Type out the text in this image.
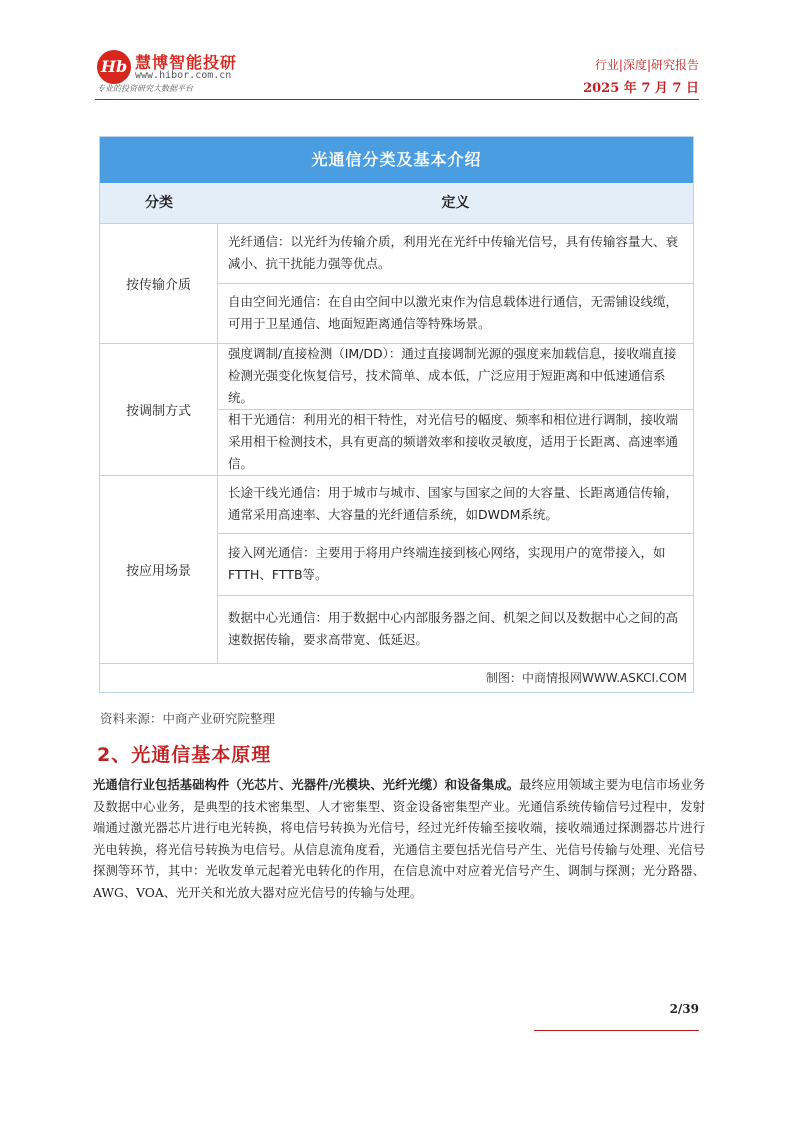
Hb 慧博智能投研
www.hibor.com.cn
专业的投资研究大数据平台
行业|深度|研究报告
2025 年 7 月 7 日
光通信分类及基本介绍
分类	定义
按传输介质
光纤通信：以光纤为传输介质，利用光在光纤中传输光信号，具有传输容量大、衰减小、抗干扰能力强等优点。
自由空间光通信：在自由空间中以激光束作为信息载体进行通信，无需铺设线缆，可用于卫星通信、地面短距离通信等特殊场景。
按调制方式
强度调制/直接检测（IM/DD）：通过直接调制光源的强度来加载信息，接收端直接检测光强变化恢复信号，技术简单、成本低，广泛应用于短距离和中低速通信系统。
相干光通信：利用光的相干特性，对光信号的幅度、频率和相位进行调制，接收端采用相干检测技术，具有更高的频谱效率和接收灵敏度，适用于长距离、高速率通信。
按应用场景
长途干线光通信：用于城市与城市、国家与国家之间的大容量、长距离通信传输，通常采用高速率、大容量的光纤通信系统，如DWDM系统。
接入网光通信：主要用于将用户终端连接到核心网络，实现用户的宽带接入，如FTTH、FTTB等。
数据中心光通信：用于数据中心内部服务器之间、机架之间以及数据中心之间的高速数据传输，要求高带宽、低延迟。
制图：中商情报网WWW.ASKCI.COM
资料来源：中商产业研究院整理
2、光通信基本原理
光通信行业包括基础构件（光芯片、光器件/光模块、光纤光缆）和设备集成。最终应用领域主要为电信市场业务及数据中心业务，是典型的技术密集型、人才密集型、资金设备密集型产业。光通信系统传输信号过程中，发射端通过激光器芯片进行电光转换，将电信号转换为光信号，经过光纤传输至接收端，接收端通过探测器芯片进行光电转换，将光信号转换为电信号。从信息流角度看，光通信主要包括光信号产生、光信号传输与处理、光信号探测等环节，其中：光收发单元起着光电转化的作用，在信息流中对应着光信号产生、调制与探测；光分路器、AWG、VOA、光开关和光放大器对应光信号的传输与处理。
2/39
